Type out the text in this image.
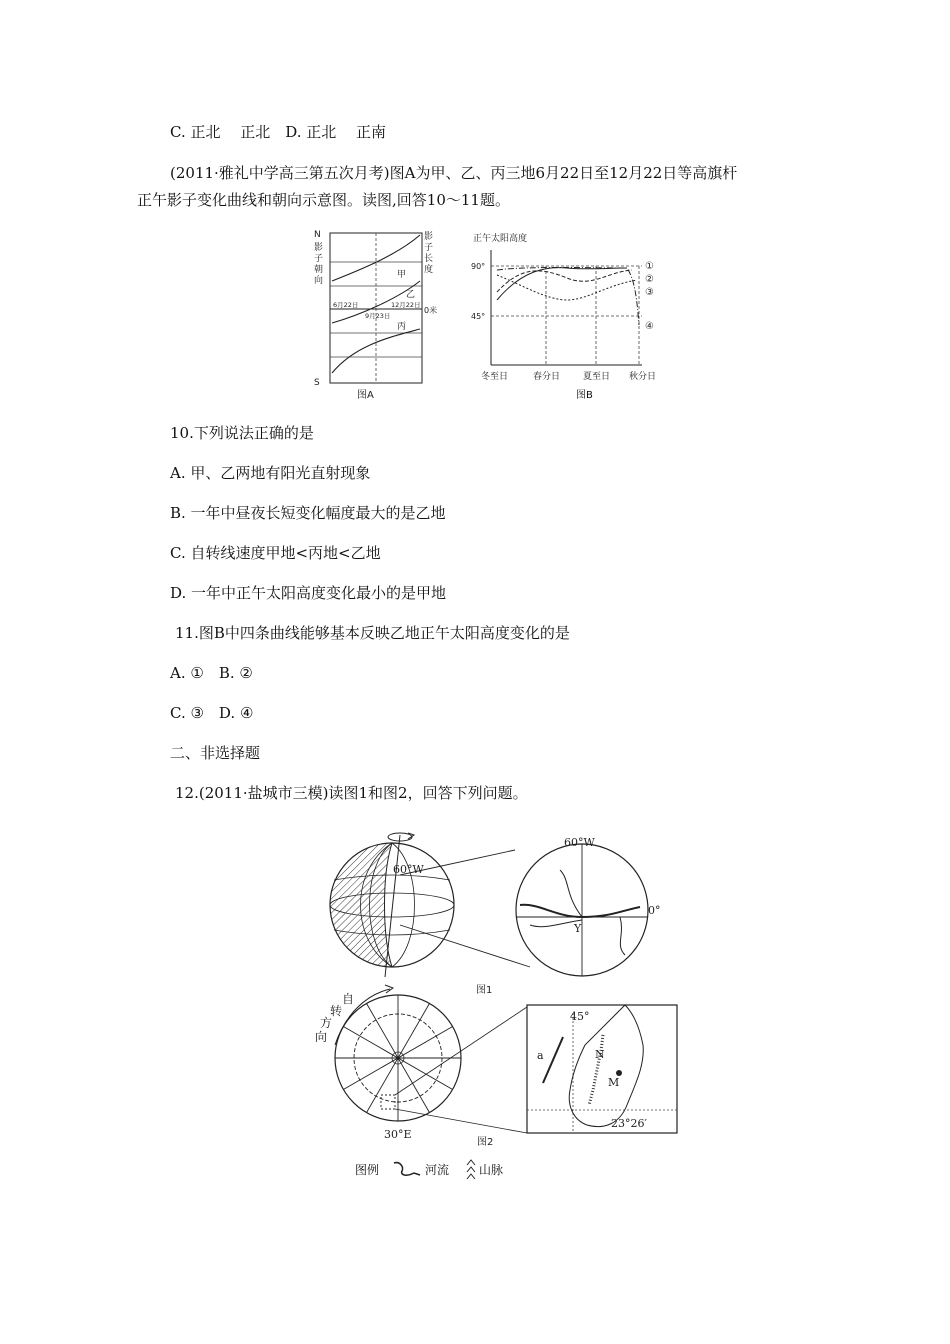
C. 正北　 正北　D. 正北　 正南
(2011·雅礼中学高三第五次月考)图A为甲、乙、丙三地6月22日至12月22日等高旗杆
正午影子变化曲线和朝向示意图。读图,回答10～11题。
N
影
子
朝
向
S
影
子
长
度
甲
乙
丙
0米
6月22日	12月22日
9月23日
图A
正午太阳高度
90°
45°
①
②
③
④
冬至日	春分日	夏至日 秋分日
图B
10.下列说法正确的是
A. 甲、乙两地有阳光直射现象
B. 一年中昼夜长短变化幅度最大的是乙地
C. 自转线速度甲地<丙地<乙地
D. 一年中正午太阳高度变化最小的是甲地
11.图B中四条曲线能够基本反映乙地正午太阳高度变化的是
A. ①　B. ②
C. ③　D. ④
二、非选择题
12.(2011·盐城市三模)读图1和图2，回答下列问题。
60°W
60°W
Y
0°
图1
自
转
方
向
30°E
a	N
M
45°
23°26′
图2
图例	河流 山脉
